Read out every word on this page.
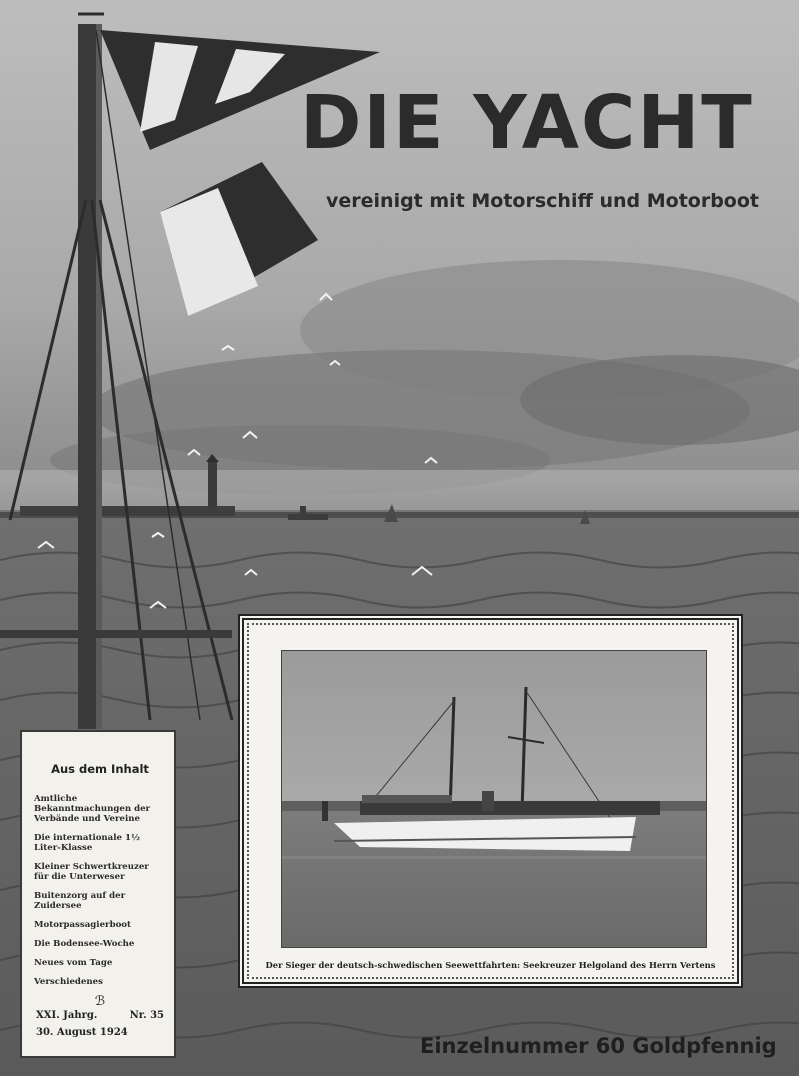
DIE YACHT
vereinigt mit Motorschiff und Motorboot
Aus dem Inhalt
Amtliche Bekanntmachungen der Verbände und Vereine
Die internationale 1½ Liter-Klasse
Kleiner Schwertkreuzer für die Unterweser
Buitenzorg auf der Zuidersee
Motorpassagierboot
Die Bodensee-Woche
Neues vom Tage
Verschiedenes
ℬ
XXI. Jahrg.	Nr. 35
30. August 1924
Der Sieger der deutsch-schwedischen Seewettfahrten: Seekreuzer Helgoland des Herrn Vertens
Einzelnummer 60 Goldpfennig
